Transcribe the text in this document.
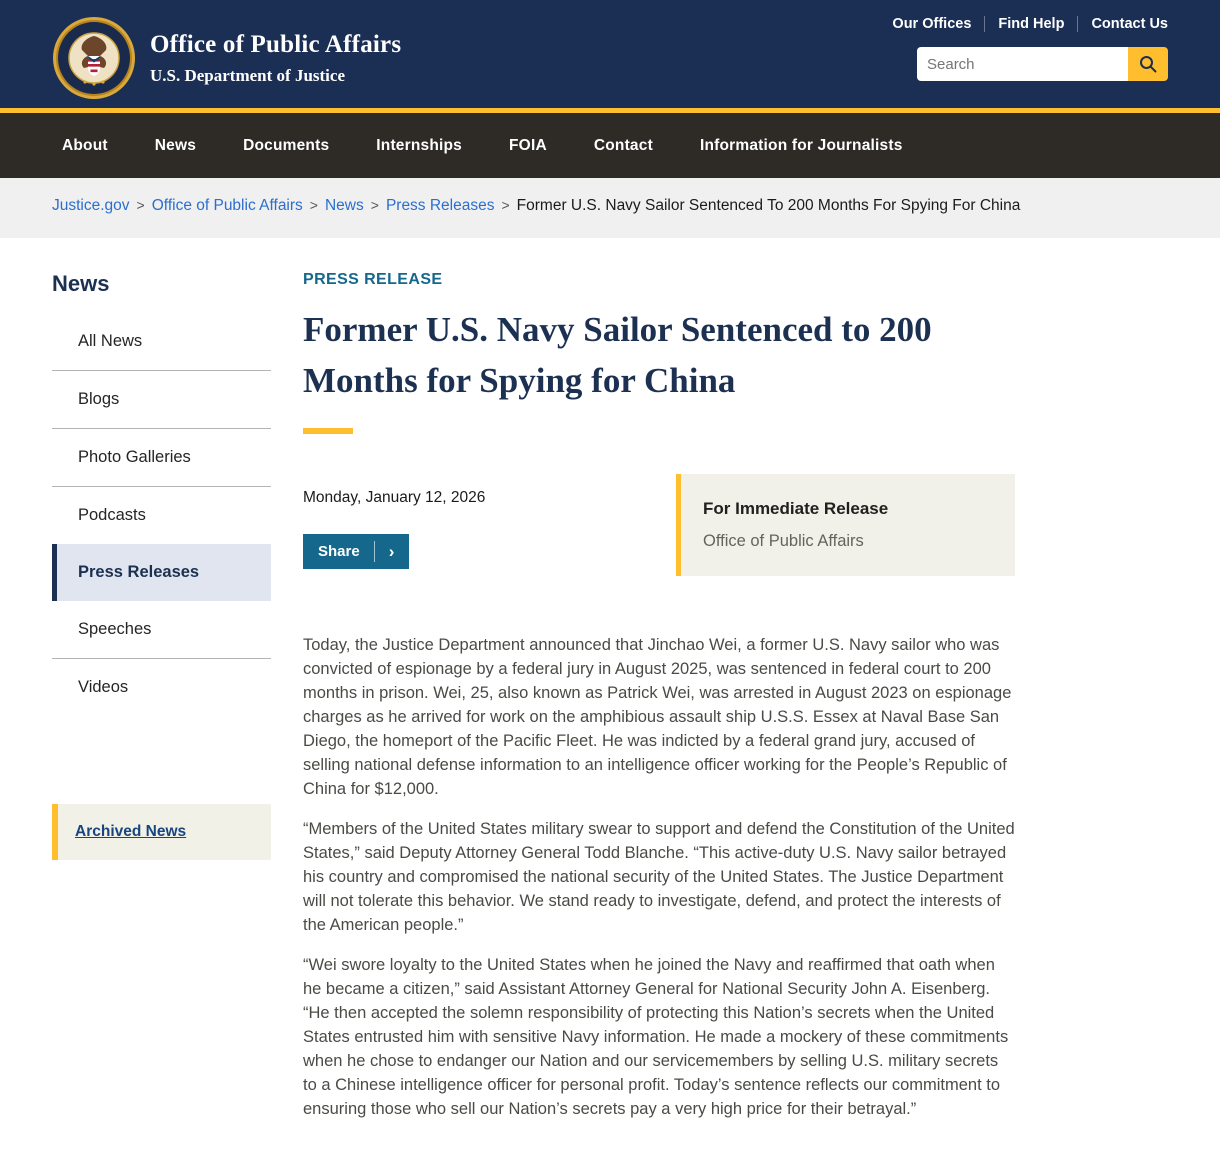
Office of Public Affairs
U.S. Department of Justice
Our Offices Find Help Contact Us
Search
About	News	Documents	Internships	FOIA	Contact	Information for Journalists
Justice.gov > Office of Public Affairs > News > Press Releases > Former U.S. Navy Sailor Sentenced To 200 Months For Spying For China
News
All News
Blogs
Photo Galleries
Podcasts
Press Releases
Speeches
Videos
Archived News
PRESS RELEASE
Former U.S. Navy Sailor Sentenced to 200 Months for Spying for China
Monday, January 12, 2026
Share ›
For Immediate Release
Office of Public Affairs

Today, the Justice Department announced that Jinchao Wei, a former U.S. Navy sailor who was convicted of espionage by a federal jury in August 2025, was sentenced in federal court to 200 months in prison. Wei, 25, also known as Patrick Wei, was arrested in August 2023 on espionage charges as he arrived for work on the amphibious assault ship U.S.S. Essex at Naval Base San Diego, the homeport of the Pacific Fleet. He was indicted by a federal grand jury, accused of selling national defense information to an intelligence officer working for the People’s Republic of China for $12,000.

“Members of the United States military swear to support and defend the Constitution of the United States,” said Deputy Attorney General Todd Blanche. “This active-duty U.S. Navy sailor betrayed his country and compromised the national security of the United States. The Justice Department will not tolerate this behavior. We stand ready to investigate, defend, and protect the interests of the American people.”

“Wei swore loyalty to the United States when he joined the Navy and reaffirmed that oath when he became a citizen,” said Assistant Attorney General for National Security John A. Eisenberg. “He then accepted the solemn responsibility of protecting this Nation’s secrets when the United States entrusted him with sensitive Navy information. He made a mockery of these commitments when he chose to endanger our Nation and our servicemembers by selling U.S. military secrets to a Chinese intelligence officer for personal profit. Today’s sentence reflects our commitment to ensuring those who sell our Nation’s secrets pay a very high price for their betrayal.”
